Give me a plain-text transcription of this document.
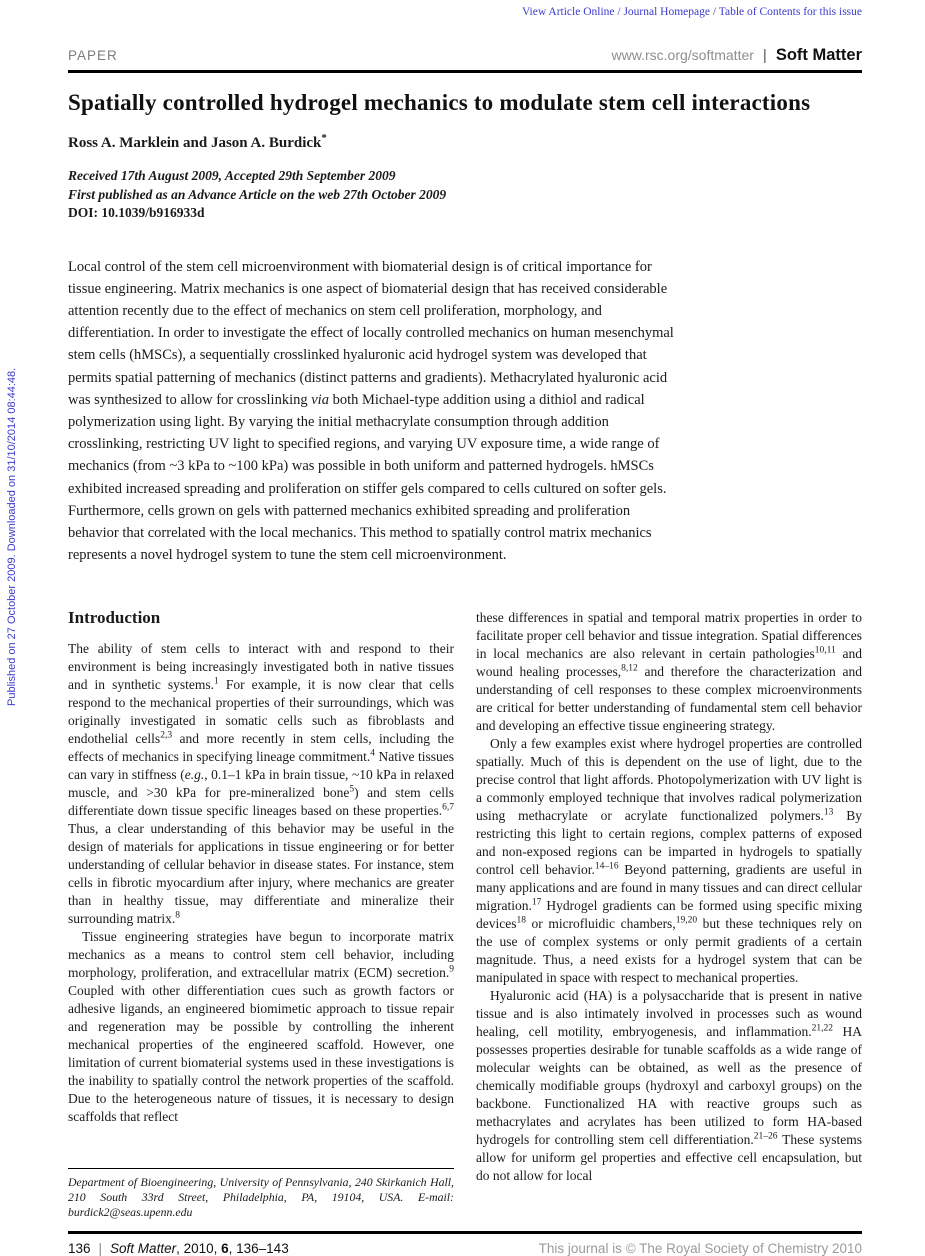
Published on 27 October 2009. Downloaded on 31/10/2014 08:44:48.
View Article Online / Journal Homepage / Table of Contents for this issue
PAPER	www.rsc.org/softmatter | Soft Matter
Spatially controlled hydrogel mechanics to modulate stem cell interactions
Ross A. Marklein and Jason A. Burdick*
Received 17th August 2009, Accepted 29th September 2009
First published as an Advance Article on the web 27th October 2009
DOI: 10.1039/b916933d
Local control of the stem cell microenvironment with biomaterial design is of critical importance for tissue engineering. Matrix mechanics is one aspect of biomaterial design that has received considerable attention recently due to the effect of mechanics on stem cell proliferation, morphology, and differentiation. In order to investigate the effect of locally controlled mechanics on human mesenchymal stem cells (hMSCs), a sequentially crosslinked hyaluronic acid hydrogel system was developed that permits spatial patterning of mechanics (distinct patterns and gradients). Methacrylated hyaluronic acid was synthesized to allow for crosslinking via both Michael-type addition using a dithiol and radical polymerization using light. By varying the initial methacrylate consumption through addition crosslinking, restricting UV light to specified regions, and varying UV exposure time, a wide range of mechanics (from ~3 kPa to ~100 kPa) was possible in both uniform and patterned hydrogels. hMSCs exhibited increased spreading and proliferation on stiffer gels compared to cells cultured on softer gels. Furthermore, cells grown on gels with patterned mechanics exhibited spreading and proliferation behavior that correlated with the local mechanics. This method to spatially control matrix mechanics represents a novel hydrogel system to tune the stem cell microenvironment.
Introduction

The ability of stem cells to interact with and respond to their environment is being increasingly investigated both in native tissues and in synthetic systems.$^1$ For example, it is now clear that cells respond to the mechanical properties of their surroundings, which was originally investigated in somatic cells such as fibroblasts and endothelial cells$^{2,3}$ and more recently in stem cells, including the effects of mechanics in specifying lineage commitment.$^4$ Native tissues can vary in stiffness (e.g., 0.1–1 kPa in brain tissue, ~10 kPa in relaxed muscle, and >30 kPa for pre-mineralized bone$^5$) and stem cells differentiate down tissue specific lineages based on these properties.$^{6,7}$ Thus, a clear understanding of this behavior may be useful in the design of materials for applications in tissue engineering or for better understanding of cellular behavior in disease states. For instance, stem cells in fibrotic myocardium after injury, where mechanics are greater than in healthy tissue, may differentiate and mineralize their surrounding matrix.$^8$

Tissue engineering strategies have begun to incorporate matrix mechanics as a means to control stem cell behavior, including morphology, proliferation, and extracellular matrix (ECM) secretion.$^9$ Coupled with other differentiation cues such as growth factors or adhesive ligands, an engineered biomimetic approach to tissue repair and regeneration may be possible by controlling the inherent mechanical properties of the engineered scaffold. However, one limitation of current biomaterial systems used in these investigations is the inability to spatially control the network properties of the scaffold. Due to the heterogeneous nature of tissues, it is necessary to design scaffolds that reflect

Department of Bioengineering, University of Pennsylvania, 240 Skirkanich Hall, 210 South 33rd Street, Philadelphia, PA, 19104, USA. E-mail: burdick2@seas.upenn.edu

these differences in spatial and temporal matrix properties in order to facilitate proper cell behavior and tissue integration. Spatial differences in local mechanics are also relevant in certain pathologies$^{10,11}$ and wound healing processes,$^{8,12}$ and therefore the characterization and understanding of cell responses to these complex microenvironments are critical for better understanding of fundamental stem cell behavior and developing an effective tissue engineering strategy.

Only a few examples exist where hydrogel properties are controlled spatially. Much of this is dependent on the use of light, due to the precise control that light affords. Photopolymerization with UV light is a commonly employed technique that involves radical polymerization using methacrylate or acrylate functionalized polymers.$^{13}$ By restricting this light to certain regions, complex patterns of exposed and non-exposed regions can be imparted in hydrogels to spatially control cell behavior.$^{14-16}$ Beyond patterning, gradients are useful in many applications and are found in many tissues and can direct cellular migration.$^{17}$ Hydrogel gradients can be formed using specific mixing devices$^{18}$ or microfluidic chambers,$^{19,20}$ but these techniques rely on the use of complex systems or only permit gradients of a certain magnitude. Thus, a need exists for a hydrogel system that can be manipulated in space with respect to mechanical properties.

Hyaluronic acid (HA) is a polysaccharide that is present in native tissue and is also intimately involved in processes such as wound healing, cell motility, embryogenesis, and inflammation.$^{21,22}$ HA possesses properties desirable for tunable scaffolds as a wide range of molecular weights can be obtained, as well as the presence of chemically modifiable groups (hydroxyl and carboxyl groups) on the backbone. Functionalized HA with reactive groups such as methacrylates and acrylates has been utilized to form HA-based hydrogels for controlling stem cell differentiation.$^{21-26}$ These systems allow for uniform gel properties and effective cell encapsulation, but do not allow for local

136 | Soft Matter, 2010, 6, 136–143	This journal is © The Royal Society of Chemistry 2010
